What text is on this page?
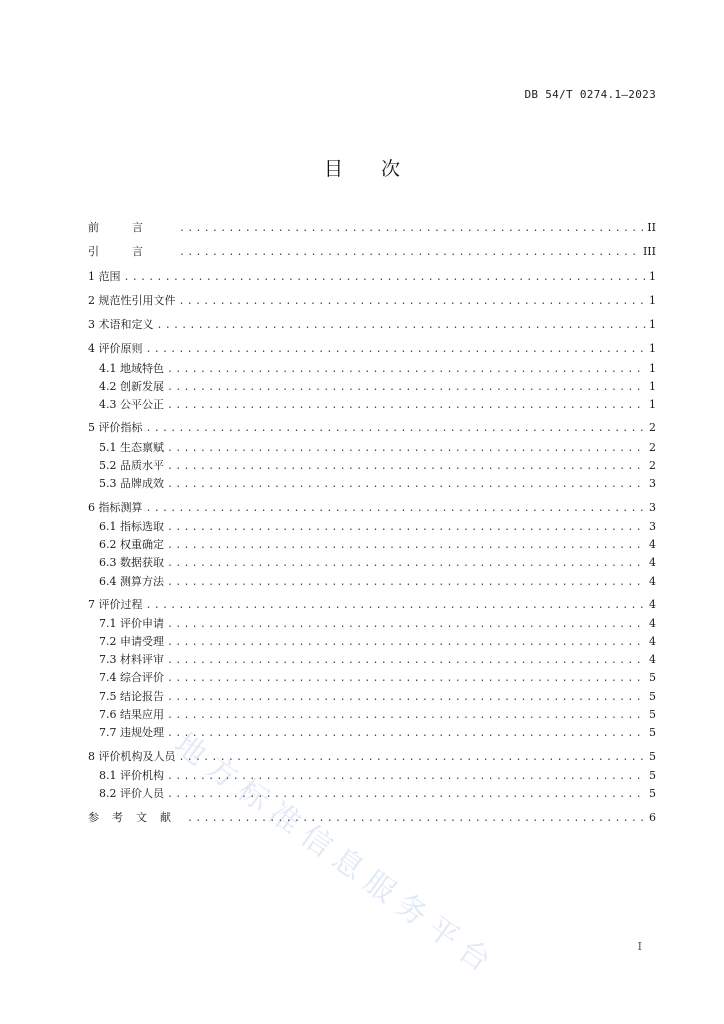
DB 54/T 0274.1—2023
目 次
前言 .....	II
引言 .....	III
1 范围 .....	1
2 规范性引用文件 .....	1
3 术语和定义 .....	1
4 评价原则 .....	1
4.1 地域特色 .....	1
4.2 创新发展 .....	1
4.3 公平公正 .....	1
5 评价指标 .....	2
5.1 生态禀赋 .....	2
5.2 品质水平 .....	2
5.3 品牌成效 .....	3
6 指标测算 .....	3
6.1 指标选取 .....	3
6.2 权重确定 .....	4
6.3 数据获取 .....	4
6.4 测算方法 .....	4
7 评价过程 .....	4
7.1 评价申请 .....	4
7.2 申请受理 .....	4
7.3 材料评审 .....	4
7.4 综合评价 .....	5
7.5 结论报告 .....	5
7.6 结果应用 .....	5
7.7 违规处理 .....	5
8 评价机构及人员 .....	5
8.1 评价机构 .....	5
8.2 评价人员 .....	5
参考文献 .....	6
地方标准信息服务平台	I
